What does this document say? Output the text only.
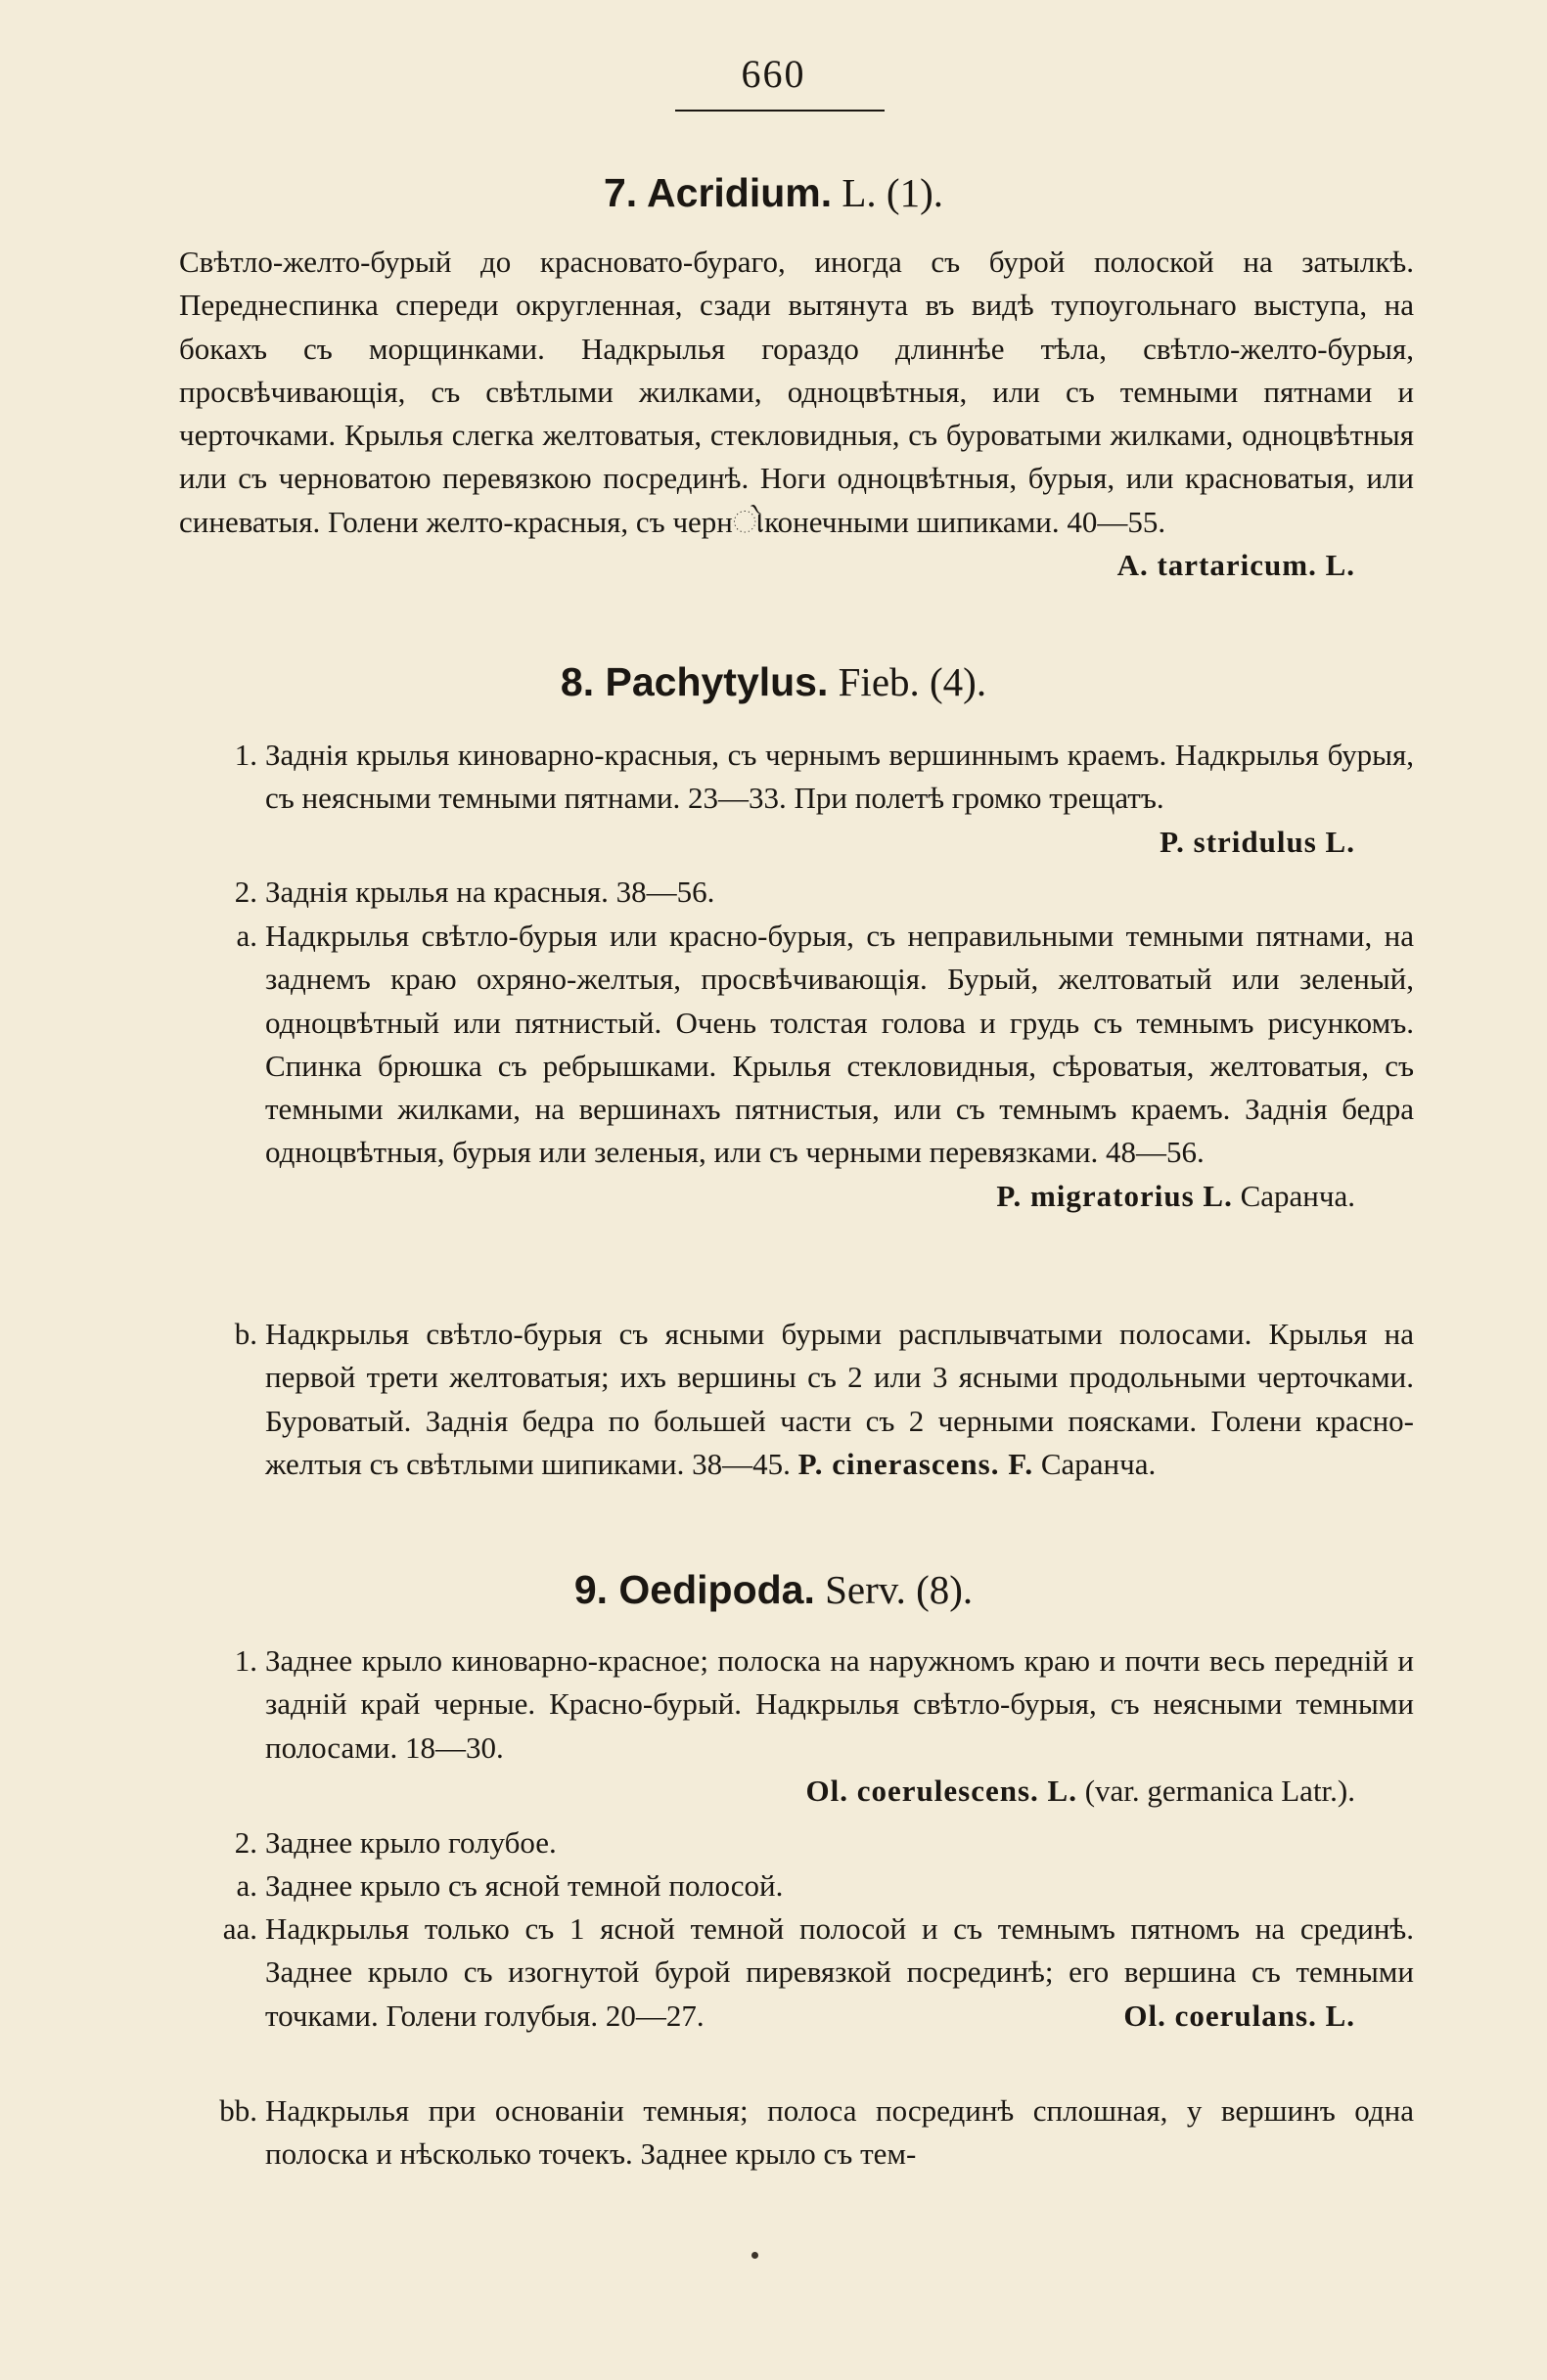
660
7. Acridium. L. (1).

Свѣтло-желто-бурый до красновато-бураго, иногда съ бурой полоской на затылкѣ. Переднеспинка спереди округленная, сзади вытянута въ видѣ тупоугольнаго выступа, на бокахъ съ морщинками. Надкрылья гораздо длиннѣе тѣла, свѣтло-желто-бурыя, просвѣчивающія, съ свѣтлыми жилками, одноцвѣтныя, или съ темными пятнами и черточками. Крылья слегка желтоватыя, стекловидныя, съ буроватыми жилками, одноцвѣтныя или съ черноватою перевязкою посрединѣ. Ноги одноцвѣтныя, бурыя, или красноватыя, или синеватыя. Голени желто-красныя, съ чернોконечными шипиками. 40—55.
A. tartaricum. L.

8. Pachytylus. Fieb. (4).
1. Заднія крылья киноварно-красныя, съ чернымъ вершиннымъ краемъ. Надкрылья бурыя, съ неясными темными пятнами. 23—33. При полетѣ громко трещатъ.
P. stridulus L.
2. Заднія крылья на красныя. 38—56.
a. Надкрылья свѣтло-бурыя или красно-бурыя, съ неправильными темными пятнами, на заднемъ краю охряно-желтыя, просвѣчивающія. Бурый, желтоватый или зеленый, одноцвѣтный или пятнистый. Очень толстая голова и грудь съ темнымъ рисункомъ. Спинка брюшка съ ребрышками. Крылья стекловидныя, сѣроватыя, желтоватыя, съ темными жилками, на вершинахъ пятнистыя, или съ темнымъ краемъ. Заднія бедра одноцвѣтныя, бурыя или зеленыя, или съ черными перевязками. 48—56.
P. migratorius L. Саранча.
b. Надкрылья свѣтло-бурыя съ ясными бурыми расплывчатыми полосами. Крылья на первой трети желтоватыя; ихъ вершины съ 2 или 3 ясными продольными черточками. Буроватый. Заднія бедра по большей части съ 2 черными поясками. Голени красно-желтыя съ свѣтлыми шипиками. 38—45. P. cinerascens. F. Саранча.
9. Oedipoda. Serv. (8).
1. Заднее крыло киноварно-красное; полоска на наружномъ краю и почти весь передній и задній край черные. Красно-бурый. Надкрылья свѣтло-бурыя, съ неясными темными полосами. 18—30.
Ol. coerulescens. L. (var. germanica Latr.).
2. Заднее крыло голубое.
a. Заднее крыло съ ясной темной полосой.
aa. Надкрылья только съ 1 ясной темной полосой и съ темнымъ пятномъ на срединѣ. Заднее крыло съ изогнутой бурой пиревязкой посрединѣ; его вершина съ темными точками. Голени голубыя. 20—27.	Ol. coerulans. L.
bb. Надкрылья при основаніи темныя; полоса посрединѣ сплошная, у вершинъ одна полоска и нѣсколько точекъ. Заднее крыло съ тем-
